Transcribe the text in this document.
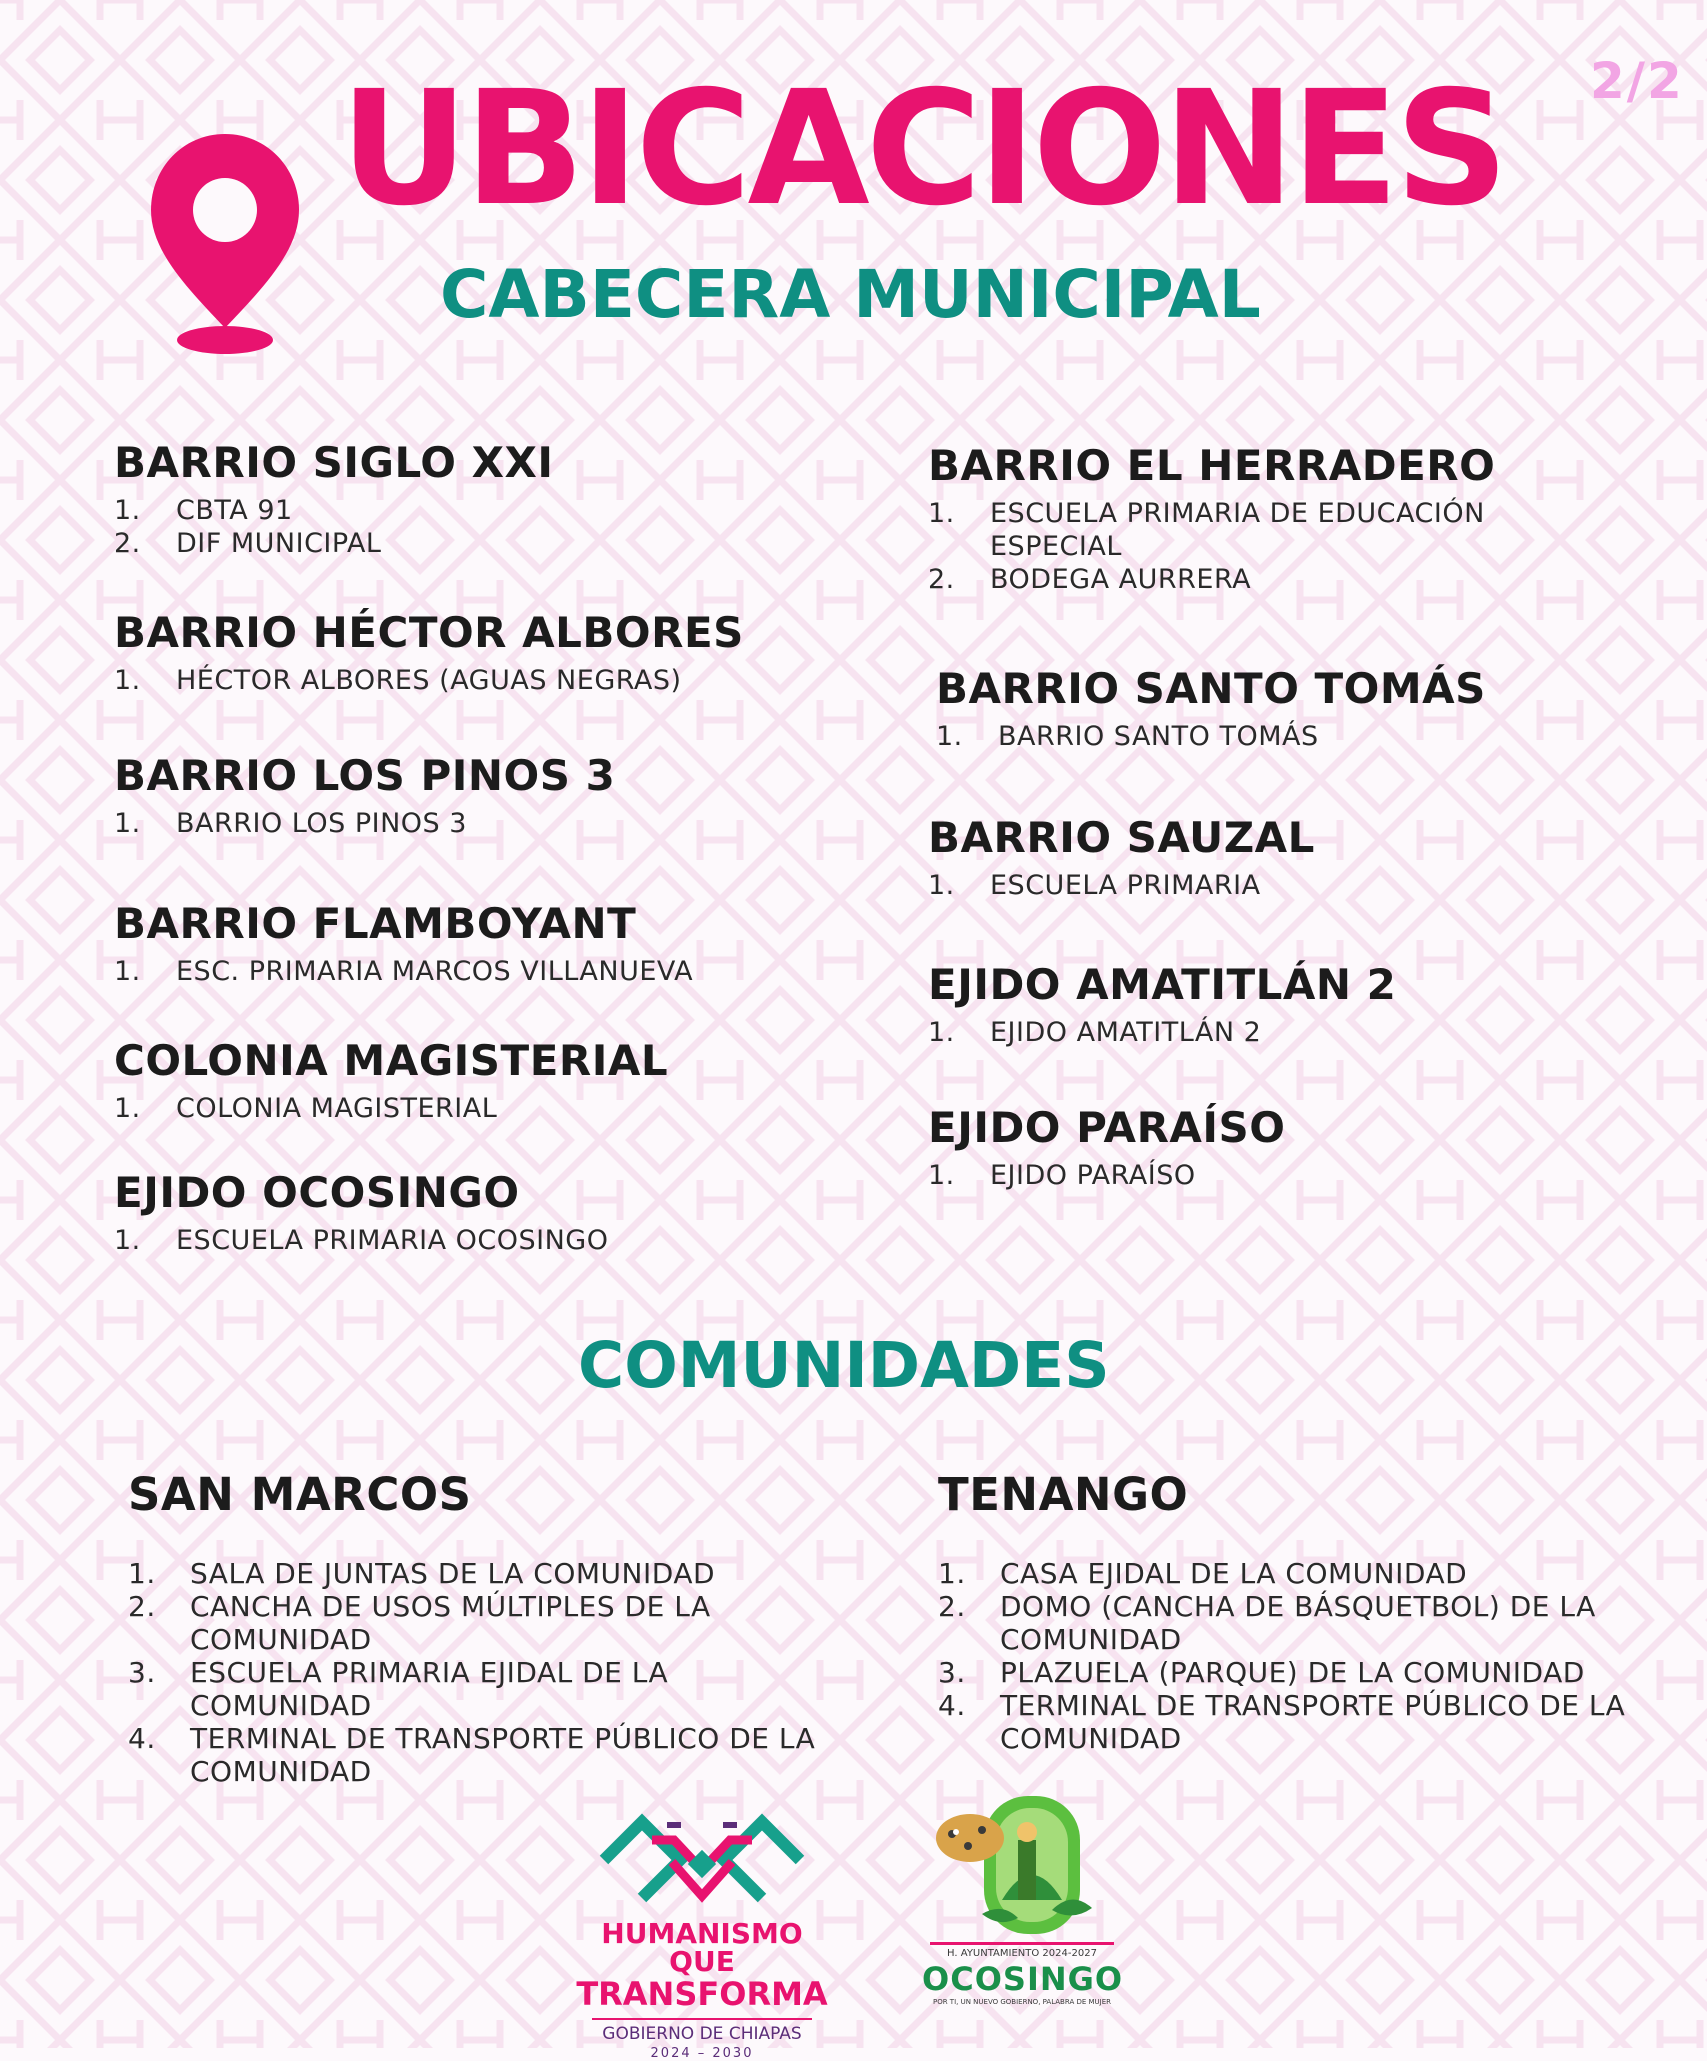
2/2
UBICACIONES
CABECERA MUNICIPAL
BARRIO SIGLO XXI
1.	CBTA 91
2.	DIF MUNICIPAL
BARRIO HÉCTOR ALBORES
1.	HÉCTOR ALBORES (AGUAS NEGRAS)
BARRIO LOS PINOS 3
1.	BARRIO LOS PINOS 3
BARRIO FLAMBOYANT
1.	ESC. PRIMARIA MARCOS VILLANUEVA
COLONIA MAGISTERIAL
1.	COLONIA MAGISTERIAL
EJIDO OCOSINGO
1.	ESCUELA PRIMARIA OCOSINGO
BARRIO EL HERRADERO
1.	ESCUELA PRIMARIA DE EDUCACIÓN ESPECIAL
2.	BODEGA AURRERA
BARRIO SANTO TOMÁS
1.	BARRIO SANTO TOMÁS
BARRIO SAUZAL
1.	ESCUELA PRIMARIA
EJIDO AMATITLÁN 2
1.	EJIDO AMATITLÁN 2
EJIDO PARAÍSO
1.	EJIDO PARAÍSO
COMUNIDADES
SAN MARCOS
1.	SALA DE JUNTAS DE LA COMUNIDAD
2.	CANCHA DE USOS MÚLTIPLES DE LA COMUNIDAD
3.	ESCUELA PRIMARIA EJIDAL DE LA COMUNIDAD
4.	TERMINAL DE TRANSPORTE PÚBLICO DE LA COMUNIDAD
TENANGO
1.	CASA EJIDAL DE LA COMUNIDAD
2.	DOMO (CANCHA DE BÁSQUETBOL) DE LA COMUNIDAD
3.	PLAZUELA (PARQUE) DE LA COMUNIDAD
4.	TERMINAL DE TRANSPORTE PÚBLICO DE LA COMUNIDAD
HUMANISMO QUE
TRANSFORMA
GOBIERNO DE CHIAPAS
2024 – 2030
H. AYUNTAMIENTO 2024-2027
OCOSINGO
POR TI, UN NUEVO GOBIERNO, PALABRA DE MUJER
